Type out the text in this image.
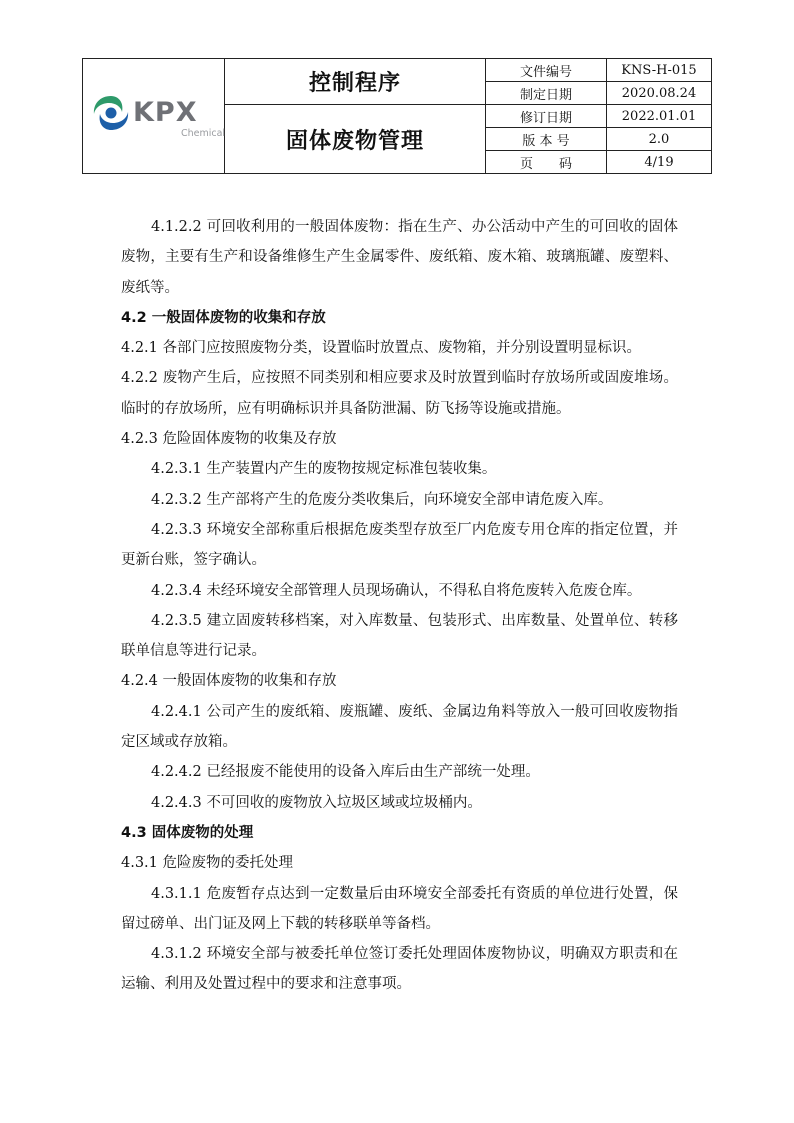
KPX
Chemical	控制程序	文件编号	KNS-H-015
		制定日期	2020.08.24
	固体废物管理	修订日期	2022.01.01
		版 本 号	2.0
		页　　码	4/19

4.1.2.2 可回收利用的一般固体废物：指在生产、办公活动中产生的可回收的固体废物，主要有生产和设备维修生产生金属零件、废纸箱、废木箱、玻璃瓶罐、废塑料、废纸等。

4.2 一般固体废物的收集和存放

4.2.1 各部门应按照废物分类，设置临时放置点、废物箱，并分别设置明显标识。

4.2.2 废物产生后，应按照不同类别和相应要求及时放置到临时存放场所或固废堆场。临时的存放场所，应有明确标识并具备防泄漏、防飞扬等设施或措施。

4.2.3 危险固体废物的收集及存放

4.2.3.1 生产装置内产生的废物按规定标准包装收集。

4.2.3.2 生产部将产生的危废分类收集后，向环境安全部申请危废入库。

4.2.3.3 环境安全部称重后根据危废类型存放至厂内危废专用仓库的指定位置，并更新台账，签字确认。

4.2.3.4 未经环境安全部管理人员现场确认，不得私自将危废转入危废仓库。

4.2.3.5 建立固废转移档案，对入库数量、包装形式、出库数量、处置单位、转移联单信息等进行记录。

4.2.4 一般固体废物的收集和存放

4.2.4.1 公司产生的废纸箱、废瓶罐、废纸、金属边角料等放入一般可回收废物指定区域或存放箱。

4.2.4.2 已经报废不能使用的设备入库后由生产部统一处理。

4.2.4.3 不可回收的废物放入垃圾区域或垃圾桶内。

4.3 固体废物的处理

4.3.1 危险废物的委托处理

4.3.1.1 危废暂存点达到一定数量后由环境安全部委托有资质的单位进行处置，保留过磅单、出门证及网上下载的转移联单等备档。

4.3.1.2 环境安全部与被委托单位签订委托处理固体废物协议，明确双方职责和在运输、利用及处置过程中的要求和注意事项。
